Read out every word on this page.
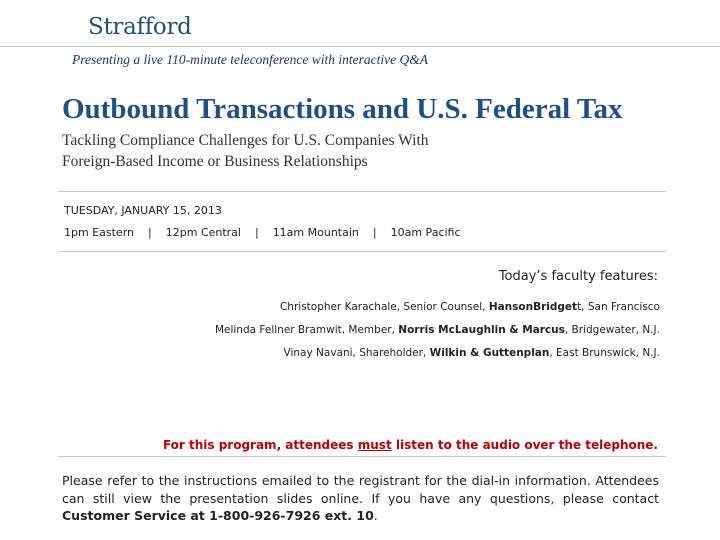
Strafford
Presenting a live 110-minute teleconference with interactive Q&A
Outbound Transactions and U.S. Federal Tax
Tackling Compliance Challenges for U.S. Companies With
Foreign-Based Income or Business Relationships
TUESDAY, JANUARY 15, 2013
1pm Eastern | 12pm Central | 11am Mountain | 10am Pacific
Today’s faculty features:
Christopher Karachale, Senior Counsel, HansonBridgett, San Francisco
Melinda Fellner Bramwit, Member, Norris McLaughlin & Marcus, Bridgewater, N.J.
Vinay Navani, Shareholder, Wilkin & Guttenplan, East Brunswick, N.J.
For this program, attendees must listen to the audio over the telephone.
Please refer to the instructions emailed to the registrant for the dial-in information. Attendees can still view the presentation slides online. If you have any questions, please contact Customer Service at 1-800-926-7926 ext. 10.
